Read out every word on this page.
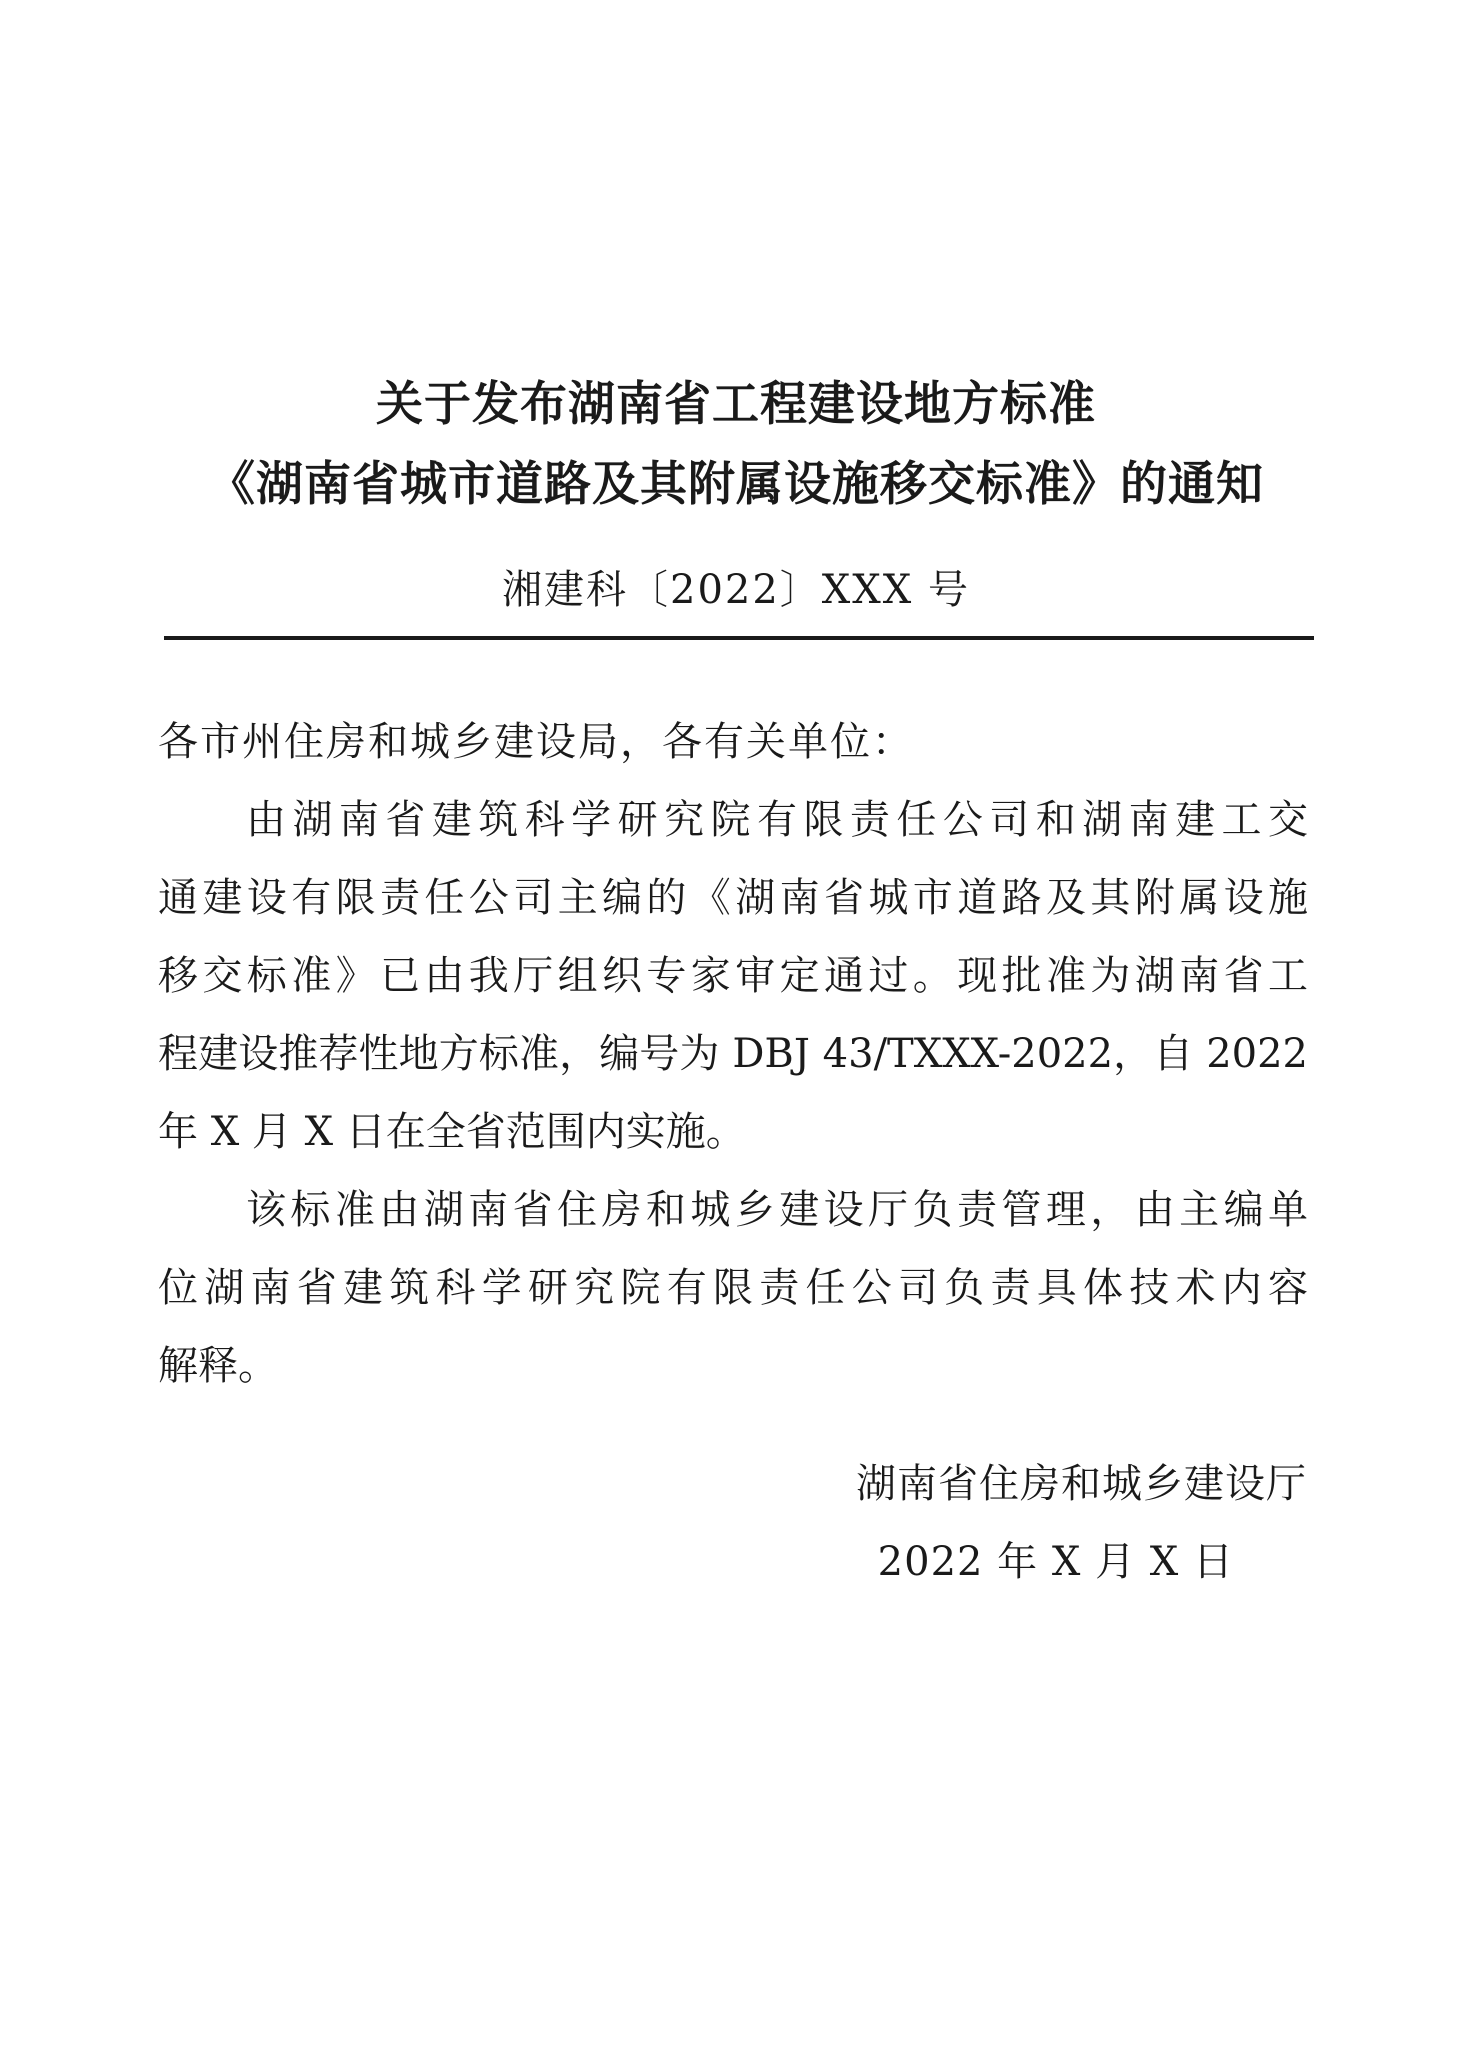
关于发布湖南省工程建设地方标准
《湖南省城市道路及其附属设施移交标准》的通知
湘建科〔2022〕XXX 号
各市州住房和城乡建设局，各有关单位：
由湖南省建筑科学研究院有限责任公司和湖南建工交
通建设有限责任公司主编的《湖南省城市道路及其附属设施
移交标准》已由我厅组织专家审定通过。现批准为湖南省工
程建设推荐性地方标准，编号为 DBJ 43/TXXX-2022，自 2022
年 X 月 X 日在全省范围内实施。
该标准由湖南省住房和城乡建设厅负责管理，由主编单
位湖南省建筑科学研究院有限责任公司负责具体技术内容
解释。
湖南省住房和城乡建设厅
2022 年 X 月 X 日
